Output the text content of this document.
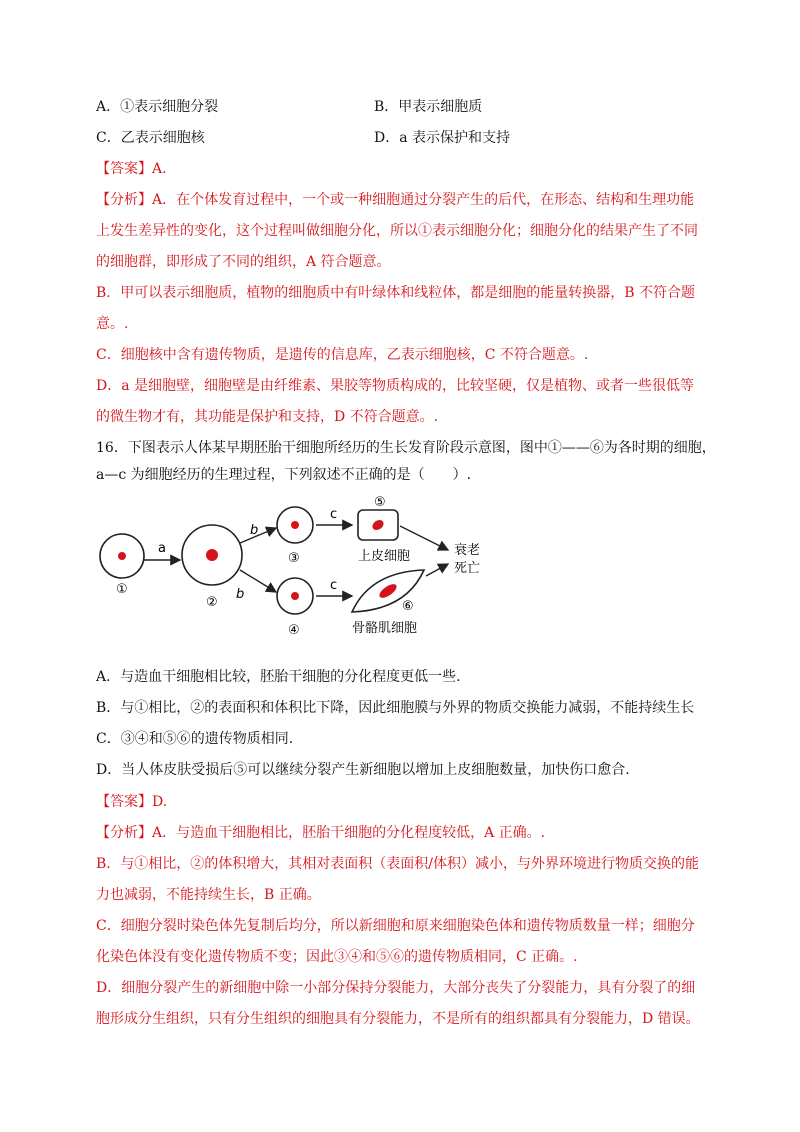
A．①表示细胞分裂	B．甲表示细胞质
C．乙表示细胞核	D．a 表示保护和支持
【答案】A.
【分析】A．在个体发育过程中，一个或一种细胞通过分裂产生的后代，在形态、结构和生理功能
上发生差异性的变化，这个过程叫做细胞分化，所以①表示细胞分化；细胞分化的结果产生了不同
的细胞群，即形成了不同的组织，A 符合题意。
B．甲可以表示细胞质，植物的细胞质中有叶绿体和线粒体，都是细胞的能量转换器，B 不符合题
意。.
C．细胞核中含有遗传物质，是遗传的信息库，乙表示细胞核，C 不符合题意。.
D．a 是细胞壁，细胞壁是由纤维素、果胶等物质构成的，比较坚硬，仅是植物、或者一些很低等
的微生物才有，其功能是保护和支持，D 不符合题意。.
16．下图表示人体某早期胚胎干细胞所经历的生长发育阶段示意图，图中①——⑥为各时期的细胞，
a—c 为细胞经历的生理过程，下列叙述不正确的是（　　）.
①
a
②
b
b
③
④
c
c
⑤
上皮细胞
⑥
骨骼肌细胞
衰老
死亡
A．与造血干细胞相比较，胚胎干细胞的分化程度更低一些.
B．与①相比，②的表面积和体积比下降，因此细胞膜与外界的物质交换能力减弱，不能持续生长
C．③④和⑤⑥的遗传物质相同.
D．当人体皮肤受损后⑤可以继续分裂产生新细胞以增加上皮细胞数量，加快伤口愈合.
【答案】D.
【分析】A．与造血干细胞相比，胚胎干细胞的分化程度较低，A 正确。.
B．与①相比，②的体积增大，其相对表面积（表面积/体积）减小，与外界环境进行物质交换的能
力也减弱，不能持续生长，B 正确。
C．细胞分裂时染色体先复制后均分，所以新细胞和原来细胞染色体和遗传物质数量一样；细胞分
化染色体没有变化遗传物质不变；因此③④和⑤⑥的遗传物质相同，C 正确。.
D．细胞分裂产生的新细胞中除一小部分保持分裂能力，大部分丧失了分裂能力，具有分裂了的细
胞形成分生组织，只有分生组织的细胞具有分裂能力，不是所有的组织都具有分裂能力，D 错误。
